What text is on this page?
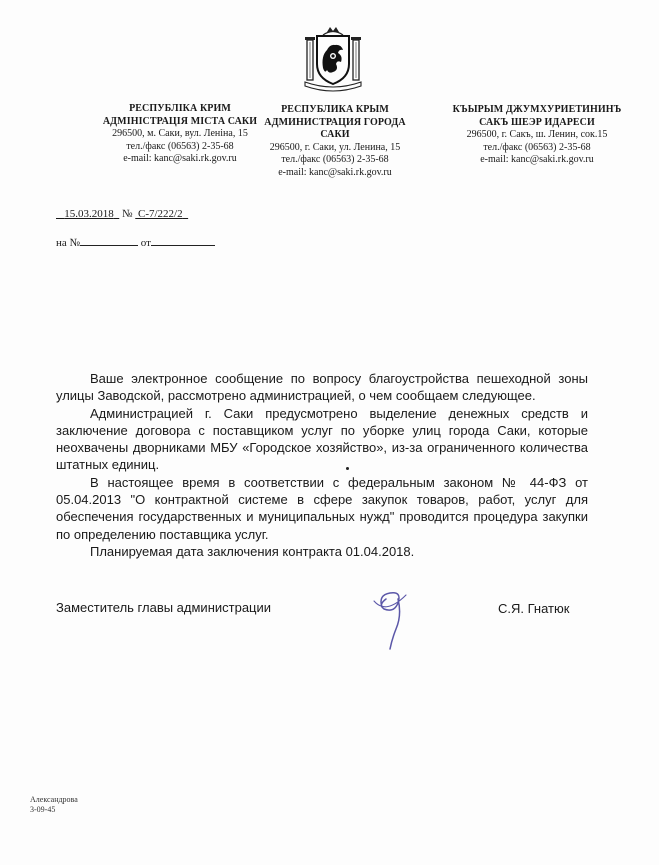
РЕСПУБЛІКА КРИМ
АДМІНІСТРАЦІЯ МІСТА САКИ
296500, м. Саки, вул. Леніна, 15
тел./факс (06563) 2-35-68
e-mail: kanc@saki.rk.gov.ru
РЕСПУБЛИКА КРЫМ
АДМИНИСТРАЦИЯ ГОРОДА САКИ
296500, г. Саки, ул. Ленина, 15
тел./факс (06563) 2-35-68
e-mail: kanc@saki.rk.gov.ru
КЪЫРЫМ ДЖУМХУРИЕТИНИНЪ
САКЪ ШЕЭР ИДАРЕСИ
296500, г. Сакъ, ш. Ленин, сок.15
тел./факс (06563) 2-35-68
e-mail: kanc@saki.rk.gov.ru
15.03.2018 № С-7/222/2
на №	от

Ваше электронное сообщение по вопросу благоустройства пешеходной зоны улицы Заводской, рассмотрено администрацией, о чем сообщаем следующее.

Администрацией г. Саки предусмотрено выделение денежных средств и заключение договора с поставщиком услуг по уборке улиц города Саки, которые неохвачены дворниками МБУ «Городское хозяйство», из-за ограниченного количества штатных единиц.

В настоящее время в соответствии с федеральным законом № 44-ФЗ от 05.04.2013 "О контрактной системе в сфере закупок товаров, работ, услуг для обеспечения государственных и муниципальных нужд" проводится процедура закупки по определению поставщика услуг.

Планируемая дата заключения контракта 01.04.2018.

Заместитель главы администрации	С.Я. Гнатюк
Александрова
3-09-45
